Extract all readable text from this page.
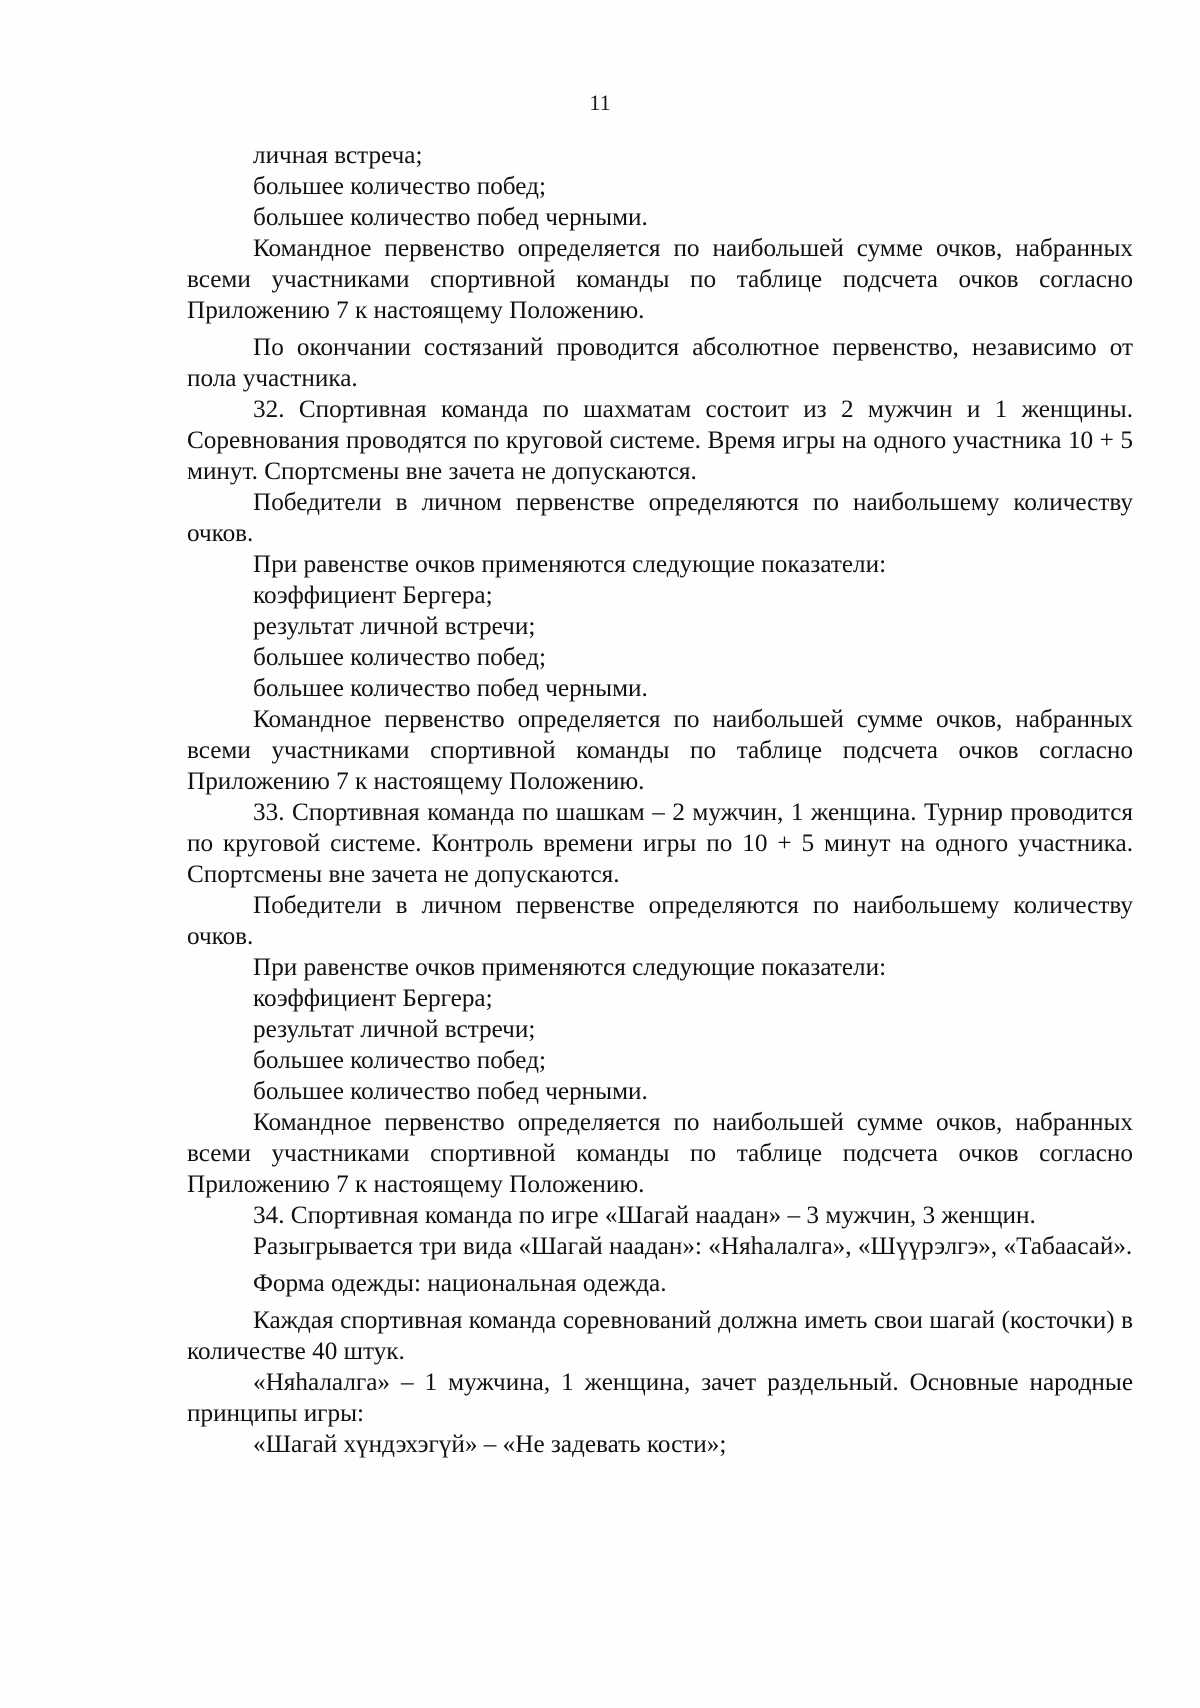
11

личная встреча;

большее количество побед;

большее количество побед черными.

Командное первенство определяется по наибольшей сумме очков, набранных всеми участниками спортивной команды по таблице подсчета очков согласно Приложению 7 к настоящему Положению.

По окончании состязаний проводится абсолютное первенство, независимо от пола участника.

32. Спортивная команда по шахматам состоит из 2 мужчин и 1 женщины. Соревнования проводятся по круговой системе. Время игры на одного участника 10 + 5 минут. Спортсмены вне зачета не допускаются.

Победители в личном первенстве определяются по наибольшему количеству очков.

При равенстве очков применяются следующие показатели:

коэффициент Бергера;

результат личной встречи;

большее количество побед;

большее количество побед черными.

Командное первенство определяется по наибольшей сумме очков, набранных всеми участниками спортивной команды по таблице подсчета очков согласно Приложению 7 к настоящему Положению.

33. Спортивная команда по шашкам – 2 мужчин, 1 женщина. Турнир проводится по круговой системе. Контроль времени игры по 10 + 5 минут на одного участника. Спортсмены вне зачета не допускаются.

Победители в личном первенстве определяются по наибольшему количеству очков.

При равенстве очков применяются следующие показатели:

коэффициент Бергера;

результат личной встречи;

большее количество побед;

большее количество побед черными.

Командное первенство определяется по наибольшей сумме очков, набранных всеми участниками спортивной команды по таблице подсчета очков согласно Приложению 7 к настоящему Положению.

34. Спортивная команда по игре «Шагай наадан» – 3 мужчин, 3 женщин.

Разыгрывается три вида «Шагай наадан»: «Няhалалга», «Шүүрэлгэ», «Табаасай».

Форма одежды: национальная одежда.

Каждая спортивная команда соревнований должна иметь свои шагай (косточки) в количестве 40 штук.

«Няhалалга» – 1 мужчина, 1 женщина, зачет раздельный. Основные народные принципы игры:

«Шагай хүндэхэгүй» – «Не задевать кости»;
